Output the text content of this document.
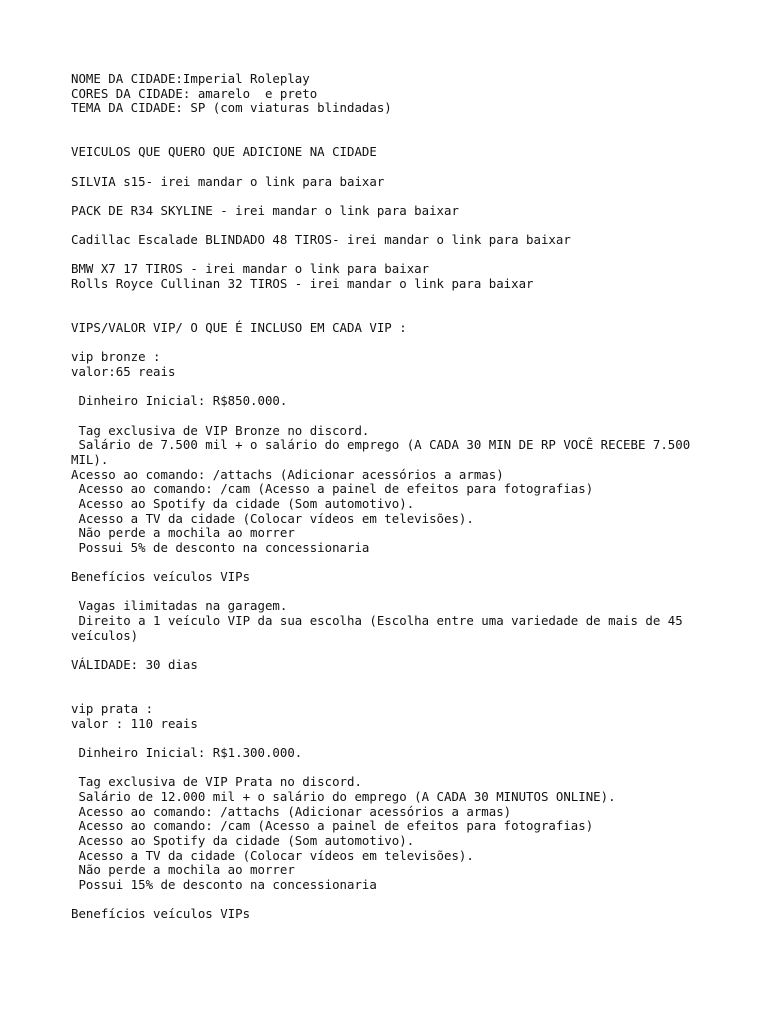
NOME DA CIDADE:Imperial Roleplay
CORES DA CIDADE: amarelo  e preto
TEMA DA CIDADE: SP (com viaturas blindadas)
VEICULOS QUE QUERO QUE ADICIONE NA CIDADE
SILVIA s15- irei mandar o link para baixar
PACK DE R34 SKYLINE - irei mandar o link para baixar
Cadillac Escalade BLINDADO 48 TIROS- irei mandar o link para baixar
BMW X7 17 TIROS - irei mandar o link para baixar
Rolls Royce Cullinan 32 TIROS - irei mandar o link para baixar
VIPS/VALOR VIP/ O QUE É INCLUSO EM CADA VIP :
vip bronze :
valor:65 reais
Dinheiro Inicial: R$850.000.
Tag exclusiva de VIP Bronze no discord.
Salário de 7.500 mil + o salário do emprego (A CADA 30 MIN DE RP VOCÊ RECEBE 7.500
MIL).
Acesso ao comando: /attachs (Adicionar acessórios a armas)
Acesso ao comando: /cam (Acesso a painel de efeitos para fotografias)
Acesso ao Spotify da cidade (Som automotivo).
Acesso a TV da cidade (Colocar vídeos em televisões).
Não perde a mochila ao morrer
Possui 5% de desconto na concessionaria
Benefícios veículos VIPs
Vagas ilimitadas na garagem.
Direito a 1 veículo VIP da sua escolha (Escolha entre uma variedade de mais de 45
veículos)
VÁLIDADE: 30 dias
vip prata :
valor : 110 reais
Dinheiro Inicial: R$1.300.000.
Tag exclusiva de VIP Prata no discord.
Salário de 12.000 mil + o salário do emprego (A CADA 30 MINUTOS ONLINE).
Acesso ao comando: /attachs (Adicionar acessórios a armas)
Acesso ao comando: /cam (Acesso a painel de efeitos para fotografias)
Acesso ao Spotify da cidade (Som automotivo).
Acesso a TV da cidade (Colocar vídeos em televisões).
Não perde a mochila ao morrer
Possui 15% de desconto na concessionaria
Benefícios veículos VIPs
